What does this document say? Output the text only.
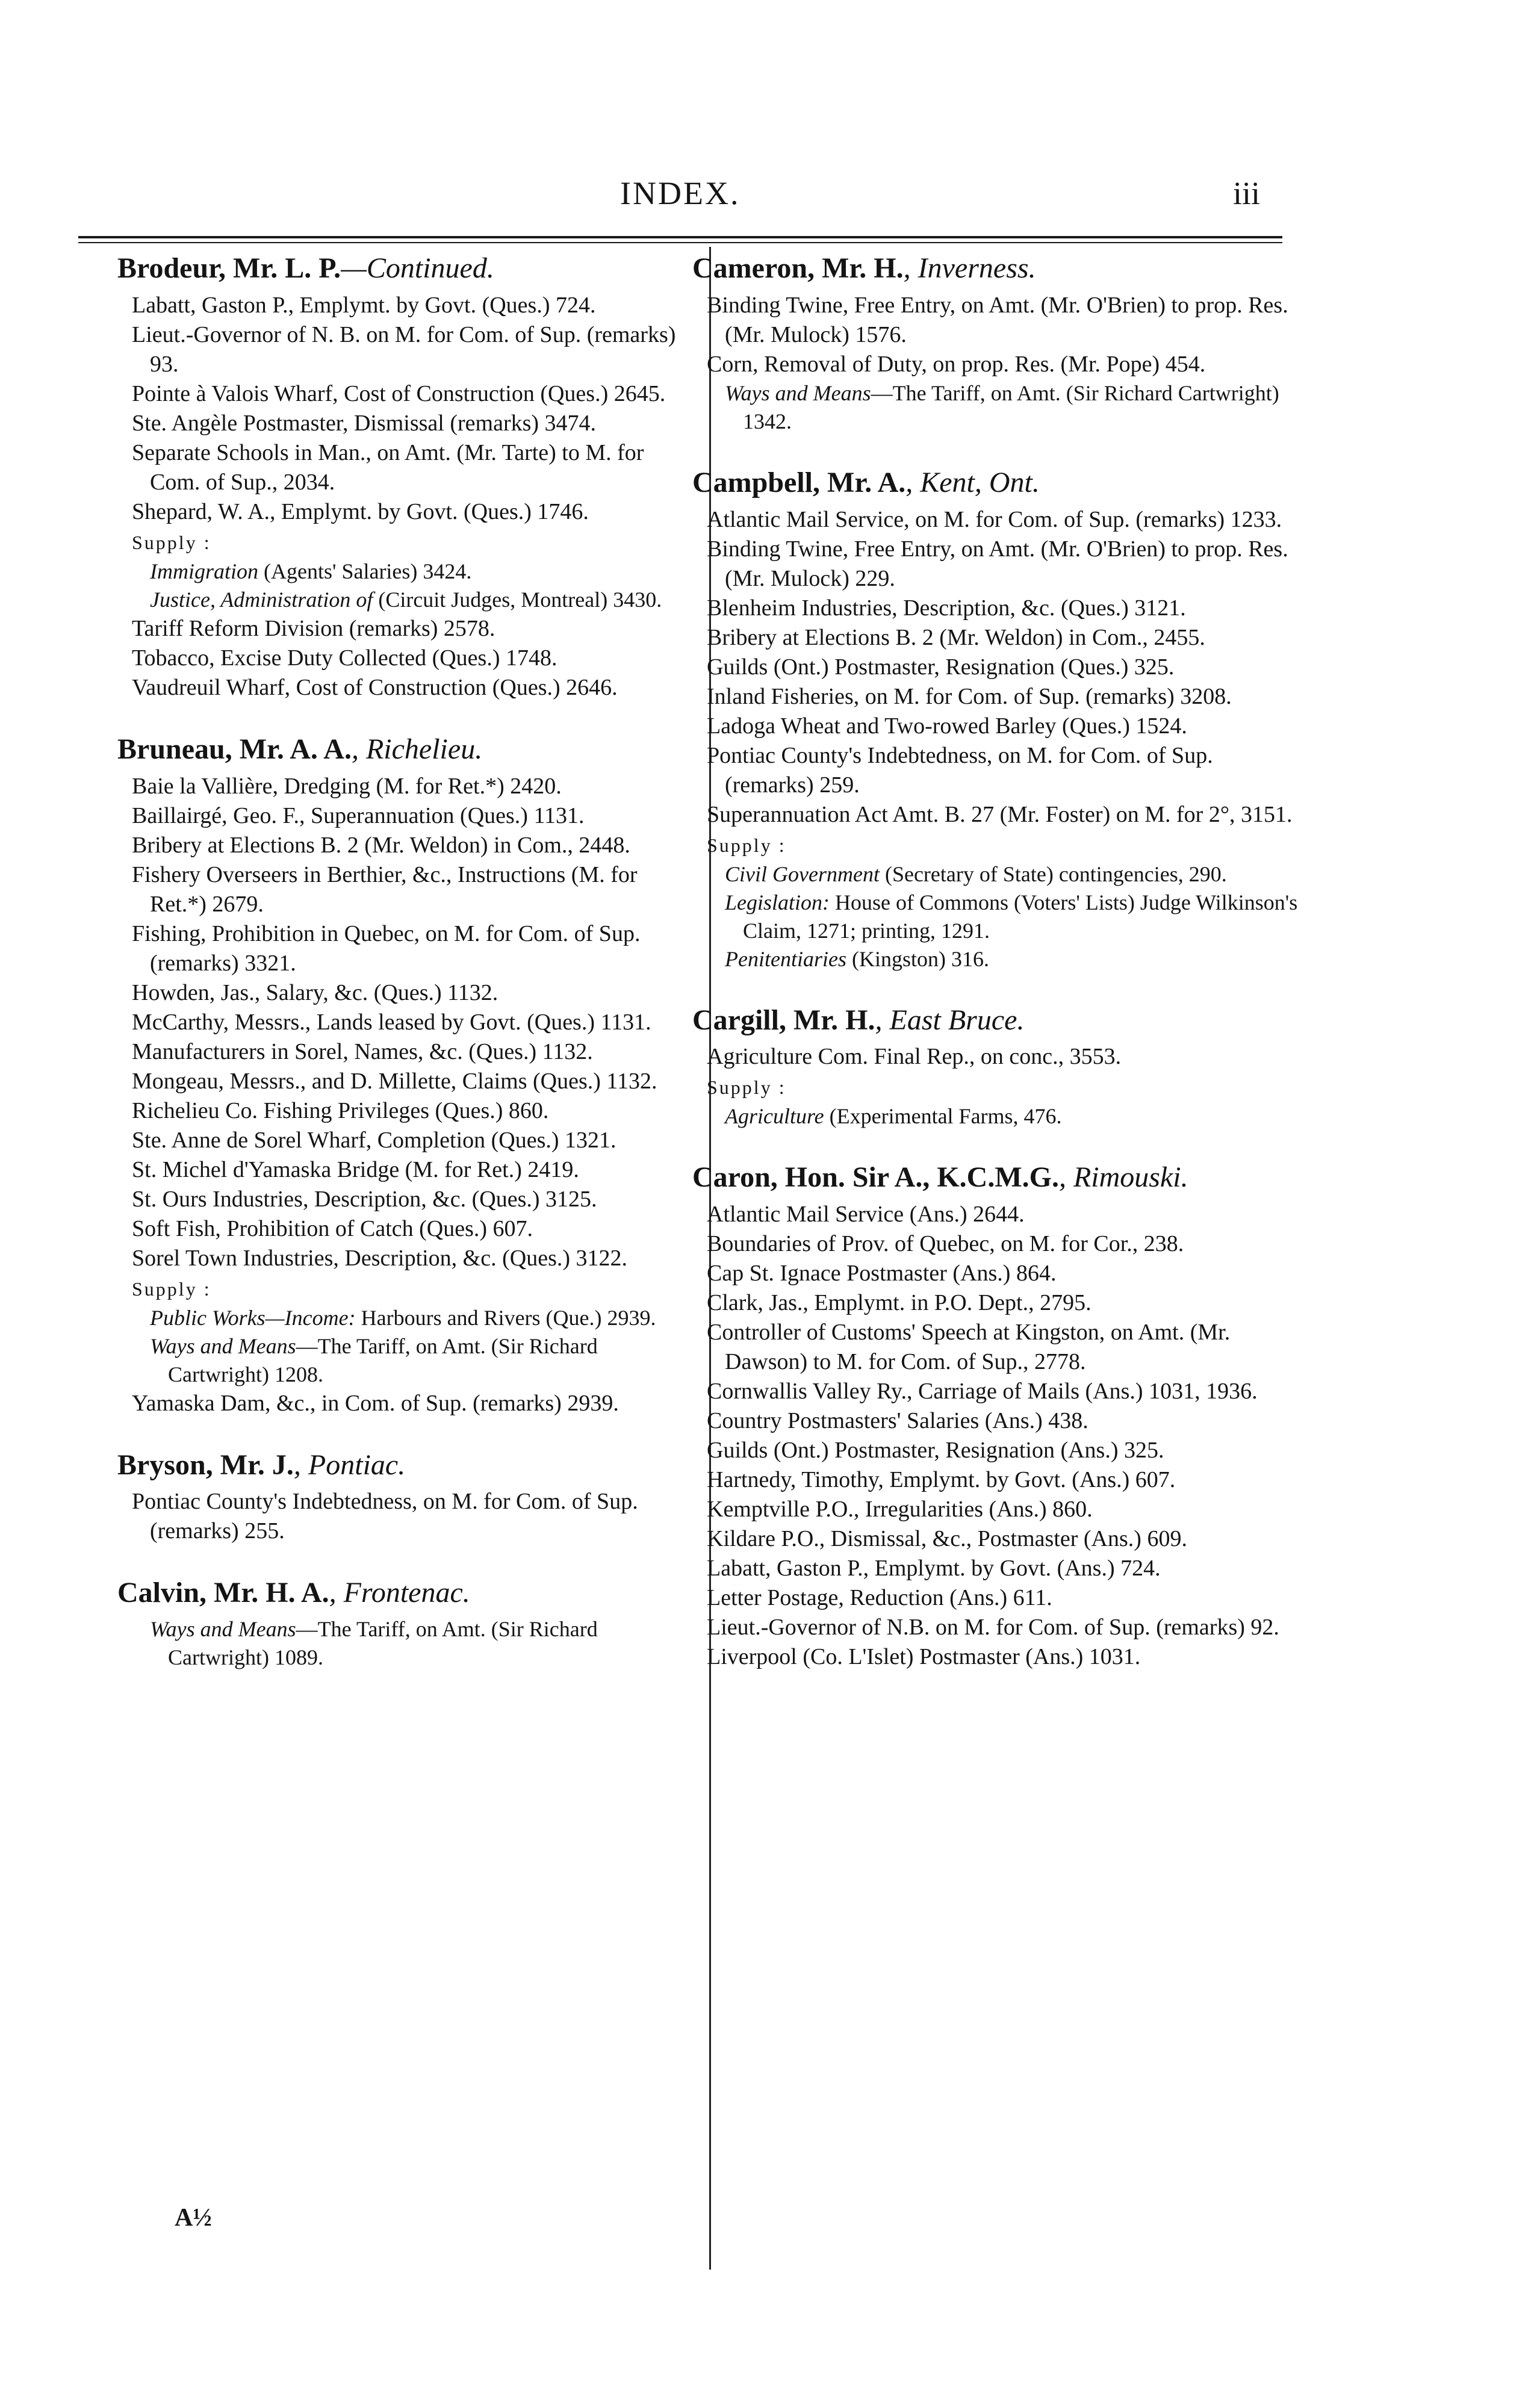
INDEX.	iii
Brodeur, Mr. L. P.—Continued.

Labatt, Gaston P., Emplymt. by Govt. (Ques.) 724.

Lieut.-Governor of N. B. on M. for Com. of Sup. (remarks) 93.

Pointe à Valois Wharf, Cost of Construction (Ques.) 2645.

Ste. Angèle Postmaster, Dismissal (remarks) 3474.

Separate Schools in Man., on Amt. (Mr. Tarte) to M. for Com. of Sup., 2034.

Shepard, W. A., Emplymt. by Govt. (Ques.) 1746.

Supply :

Immigration (Agents' Salaries) 3424.

Justice, Administration of (Circuit Judges, Montreal) 3430.

Tariff Reform Division (remarks) 2578.

Tobacco, Excise Duty Collected (Ques.) 1748.

Vaudreuil Wharf, Cost of Construction (Ques.) 2646.

Bruneau, Mr. A. A., Richelieu.

Baie la Vallière, Dredging (M. for Ret.*) 2420.

Baillairgé, Geo. F., Superannuation (Ques.) 1131.

Bribery at Elections B. 2 (Mr. Weldon) in Com., 2448.

Fishery Overseers in Berthier, &c., Instructions (M. for Ret.*) 2679.

Fishing, Prohibition in Quebec, on M. for Com. of Sup. (remarks) 3321.

Howden, Jas., Salary, &c. (Ques.) 1132.

McCarthy, Messrs., Lands leased by Govt. (Ques.) 1131.

Manufacturers in Sorel, Names, &c. (Ques.) 1132.

Mongeau, Messrs., and D. Millette, Claims (Ques.) 1132.

Richelieu Co. Fishing Privileges (Ques.) 860.

Ste. Anne de Sorel Wharf, Completion (Ques.) 1321.

St. Michel d'Yamaska Bridge (M. for Ret.) 2419.

St. Ours Industries, Description, &c. (Ques.) 3125.

Soft Fish, Prohibition of Catch (Ques.) 607.

Sorel Town Industries, Description, &c. (Ques.) 3122.

Supply :

Public Works—Income: Harbours and Rivers (Que.) 2939.

Ways and Means—The Tariff, on Amt. (Sir Richard Cartwright) 1208.

Yamaska Dam, &c., in Com. of Sup. (remarks) 2939.

Bryson, Mr. J., Pontiac.

Pontiac County's Indebtedness, on M. for Com. of Sup. (remarks) 255.

Calvin, Mr. H. A., Frontenac.

Ways and Means—The Tariff, on Amt. (Sir Richard Cartwright) 1089.

Cameron, Mr. H., Inverness.

Binding Twine, Free Entry, on Amt. (Mr. O'Brien) to prop. Res. (Mr. Mulock) 1576.

Corn, Removal of Duty, on prop. Res. (Mr. Pope) 454.

Ways and Means—The Tariff, on Amt. (Sir Richard Cartwright) 1342.

Campbell, Mr. A., Kent, Ont.

Atlantic Mail Service, on M. for Com. of Sup. (remarks) 1233.

Binding Twine, Free Entry, on Amt. (Mr. O'Brien) to prop. Res. (Mr. Mulock) 229.

Blenheim Industries, Description, &c. (Ques.) 3121.

Bribery at Elections B. 2 (Mr. Weldon) in Com., 2455.

Guilds (Ont.) Postmaster, Resignation (Ques.) 325.

Inland Fisheries, on M. for Com. of Sup. (remarks) 3208.

Ladoga Wheat and Two-rowed Barley (Ques.) 1524.

Pontiac County's Indebtedness, on M. for Com. of Sup. (remarks) 259.

Superannuation Act Amt. B. 27 (Mr. Foster) on M. for 2°, 3151.

Supply :

Civil Government (Secretary of State) contingencies, 290.

Legislation: House of Commons (Voters' Lists) Judge Wilkinson's Claim, 1271; printing, 1291.

Penitentiaries (Kingston) 316.

Cargill, Mr. H., East Bruce.

Agriculture Com. Final Rep., on conc., 3553.

Supply :

Agriculture (Experimental Farms, 476.

Caron, Hon. Sir A., K.C.M.G., Rimouski.

Atlantic Mail Service (Ans.) 2644.

Boundaries of Prov. of Quebec, on M. for Cor., 238.

Cap St. Ignace Postmaster (Ans.) 864.

Clark, Jas., Emplymt. in P.O. Dept., 2795.

Controller of Customs' Speech at Kingston, on Amt. (Mr. Dawson) to M. for Com. of Sup., 2778.

Cornwallis Valley Ry., Carriage of Mails (Ans.) 1031, 1936.

Country Postmasters' Salaries (Ans.) 438.

Guilds (Ont.) Postmaster, Resignation (Ans.) 325.

Hartnedy, Timothy, Emplymt. by Govt. (Ans.) 607.

Kemptville P.O., Irregularities (Ans.) 860.

Kildare P.O., Dismissal, &c., Postmaster (Ans.) 609.

Labatt, Gaston P., Emplymt. by Govt. (Ans.) 724.

Letter Postage, Reduction (Ans.) 611.

Lieut.-Governor of N.B. on M. for Com. of Sup. (remarks) 92.

Liverpool (Co. L'Islet) Postmaster (Ans.) 1031.

A½
